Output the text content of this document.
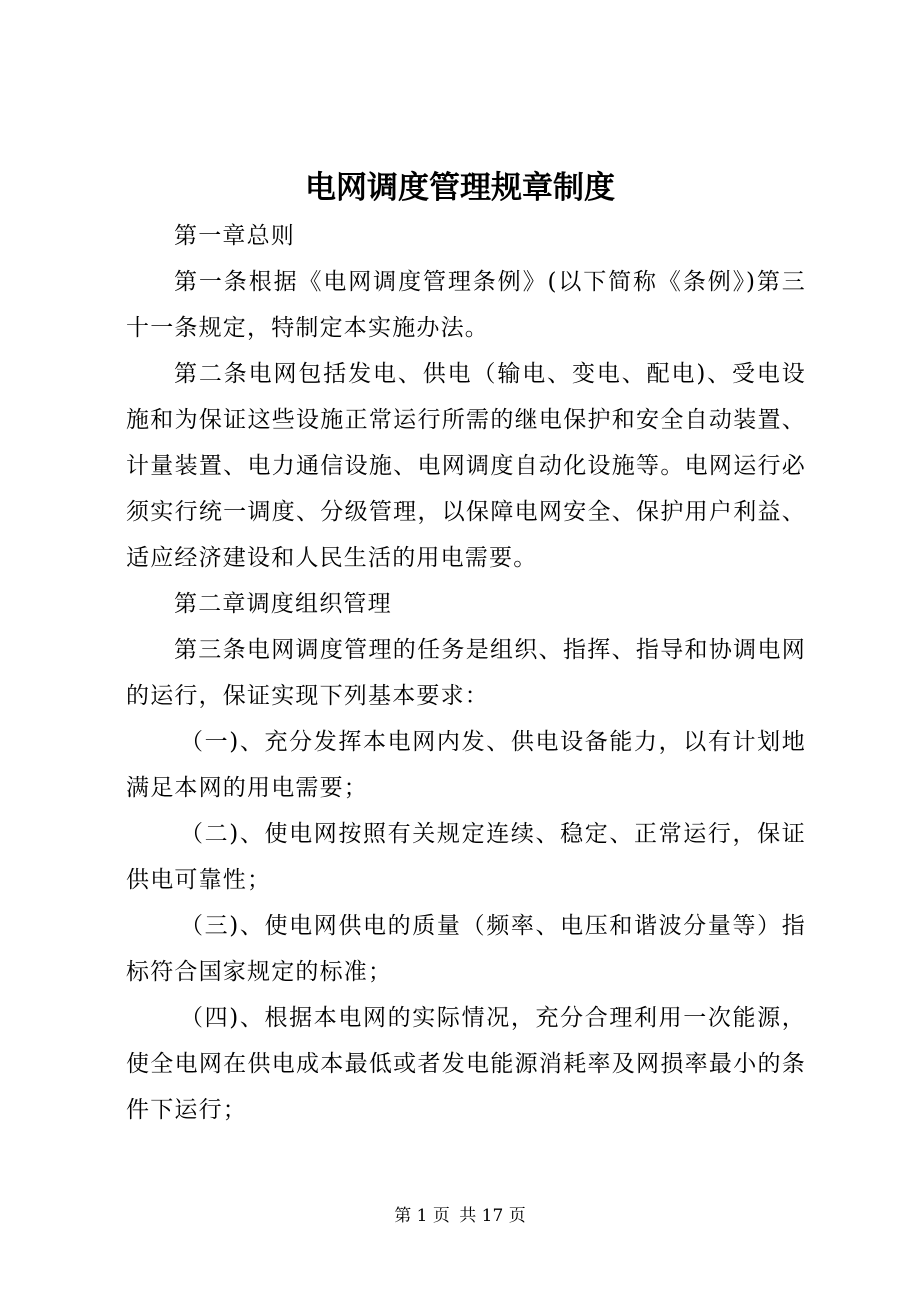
电网调度管理规章制度

第一章总则

第一条根据《电网调度管理条例》(以下简称《条例》)第三十一条规定，特制定本实施办法。

第二条电网包括发电、供电（输电、变电、配电)、受电设施和为保证这些设施正常运行所需的继电保护和安全自动装置、计量装置、电力通信设施、电网调度自动化设施等。电网运行必须实行统一调度、分级管理，以保障电网安全、保护用户利益、适应经济建设和人民生活的用电需要。

第二章调度组织管理

第三条电网调度管理的任务是组织、指挥、指导和协调电网的运行，保证实现下列基本要求：

（一)、充分发挥本电网内发、供电设备能力，以有计划地满足本网的用电需要；

（二)、使电网按照有关规定连续、稳定、正常运行，保证供电可靠性；

（三)、使电网供电的质量（频率、电压和谐波分量等）指标符合国家规定的标准；

（四)、根据本电网的实际情况，充分合理利用一次能源，使全电网在供电成本最低或者发电能源消耗率及网损率最小的条件下运行；

第 1 页 共 17 页
